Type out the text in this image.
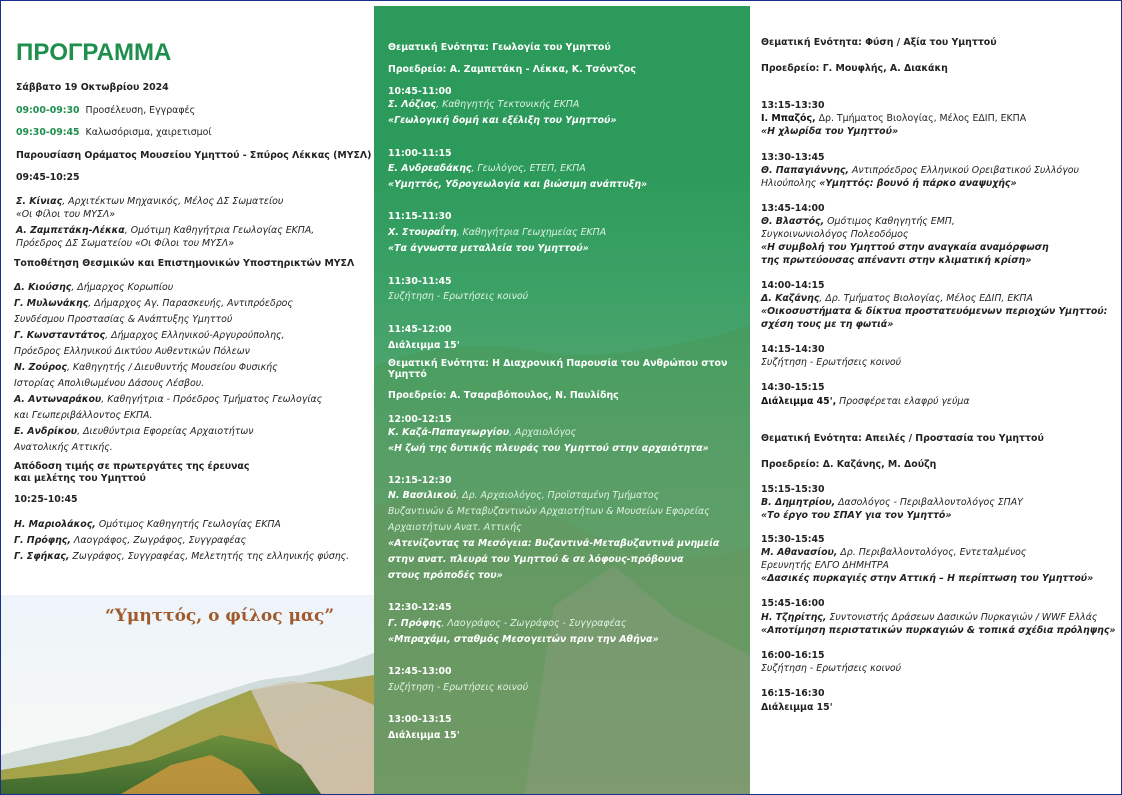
ΠΡΟΓΡΑΜΜΑ
Σάββατο 19 Οκτωβρίου 2024
09:00-09:30 Προσέλευση, Εγγραφές
09:30-09:45 Καλωσόρισμα, χαιρετισμοί
Παρουσίαση Οράματος Μουσείου Υμηττού - Σπύρος Λέκκας (ΜΥΣΛ)
09:45-10:25
Σ. Κίνιας, Αρχιτέκτων Μηχανικός, Μέλος ΔΣ Σωματείου
«Οι Φίλοι του ΜΥΣΛ»
Α. Ζαμπετάκη-Λέκκα, Ομότιμη Καθηγήτρια Γεωλογίας ΕΚΠΑ,
Πρόεδρος ΔΣ Σωματείου «Οι Φίλοι του ΜΥΣΛ»
Τοποθέτηση Θεσμικών και Επιστημονικών Υποστηρικτών ΜΥΣΛ
Δ. Κιούσης, Δήμαρχος Κορωπίου
Γ. Μυλωνάκης, Δήμαρχος Αγ. Παρασκευής, Αντιπρόεδρος
Συνδέσμου Προστασίας & Ανάπτυξης Υμηττού
Γ. Κωνσταντάτος, Δήμαρχος Ελληνικού-Αργυρούπολης,
Πρόεδρος Ελληνικού Δικτύου Αυθεντικών Πόλεων
Ν. Ζούρος, Καθηγητής / Διευθυντής Μουσείου Φυσικής
Ιστορίας Απολιθωμένου Δάσους Λέσβου.
Α. Αντωναράκου, Καθηγήτρια - Πρόεδρος Τμήματος Γεωλογίας
και Γεωπεριβάλλοντος ΕΚΠΑ.
Ε. Ανδρίκου, Διευθύντρια Εφορείας Αρχαιοτήτων
Ανατολικής Αττικής.
Απόδοση τιμής σε πρωτεργάτες της έρευνας
και μελέτης του Υμηττού
10:25-10:45
Η. Μαριολάκος, Ομότιμος Καθηγητής Γεωλογίας ΕΚΠΑ
Γ. Πρόφης, Λαογράφος, Ζωγράφος, Συγγραφέας
Γ. Σφήκας, Ζωγράφος, Συγγραφέας, Μελετητής της ελληνικής φύσης.
“Υμηττός, ο φίλος μας”
Θεματική Ενότητα: Γεωλογία του Υμηττού
Προεδρείο: Α. Ζαμπετάκη - Λέκκα, Κ. Τσόντζος
10:45-11:00
Σ. Λόζιος, Καθηγητής Τεκτονικής ΕΚΠΑ
«Γεωλογική δομή και εξέλιξη του Υμηττού»
11:00-11:15
Ε. Ανδρεαδάκης, Γεωλόγος, ΕΤΕΠ, ΕΚΠΑ
«Υμηττός, Υδρογεωλογία και βιώσιμη ανάπτυξη»
11:15-11:30
Χ. Στουραΐτη, Καθηγήτρια Γεωχημείας ΕΚΠΑ
«Τα άγνωστα μεταλλεία του Υμηττού»
11:30-11:45
Συζήτηση - Ερωτήσεις κοινού
11:45-12:00
Διάλειμμα 15'
Θεματική Ενότητα: Η Διαχρονική Παρουσία του Ανθρώπου στον
Υμηττό
Προεδρείο: Α. Τσαραβόπουλος, Ν. Παυλίδης
12:00-12:15
Κ. Καζά-Παπαγεωργίου, Αρχαιολόγος
«Η ζωή της δυτικής πλευράς του Υμηττού στην αρχαιότητα»
12:15-12:30
Ν. Βασιλικού, Δρ. Αρχαιολόγος, Προϊσταμένη Τμήματος
Βυζαντινών & Μεταβυζαντινών Αρχαιοτήτων & Μουσείων Εφορείας
Αρχαιοτήτων Ανατ. Αττικής
«Ατενίζοντας τα Μεσόγεια: Βυζαντινά-Μεταβυζαντινά μνημεία
στην ανατ. πλευρά του Υμηττού & σε λόφους-πρόβουνα
στους πρόποδές του»
12:30-12:45
Γ. Πρόφης, Λαογράφος - Ζωγράφος - Συγγραφέας
«Μπραχάμι, σταθμός Μεσογειτών πριν την Αθήνα»
12:45-13:00
Συζήτηση - Ερωτήσεις κοινού
13:00-13:15
Διάλειμμα 15'
Θεματική Ενότητα: Φύση / Αξία του Υμηττού
Προεδρείο: Γ. Μουφλής, Α. Διακάκη
13:15-13:30
Ι. Μπαζός, Δρ. Τμήματος Βιολογίας, Μέλος ΕΔΙΠ, ΕΚΠΑ
«Η χλωρίδα του Υμηττού»
13:30-13:45
Θ. Παπαγιάννης, Αντιπρόεδρος Ελληνικού Ορειβατικού Συλλόγου
Ηλιούπολης «Υμηττός: βουνό ή πάρκο αναψυχής»
13:45-14:00
Θ. Βλαστός, Ομότιμος Καθηγητής ΕΜΠ,
Συγκοινωνιολόγος Πολεοδόμος
«Η συμβολή του Υμηττού στην αναγκαία αναμόρφωση
της πρωτεύουσας απέναντι στην κλιματική κρίση»
14:00-14:15
Δ. Καζάνης, Δρ. Τμήματος Βιολογίας, Μέλος ΕΔΙΠ, ΕΚΠΑ
«Οικοσυστήματα & δίκτυα προστατευόμενων περιοχών Υμηττού:
σχέση τους με τη φωτιά»
14:15-14:30
Συζήτηση - Ερωτήσεις κοινού
14:30-15:15
Διάλειμμα 45', Προσφέρεται ελαφρύ γεύμα
Θεματική Ενότητα: Απειλές / Προστασία του Υμηττού
Προεδρείο: Δ. Καζάνης, Μ. Δούζη
15:15-15:30
Β. Δημητρίου, Δασολόγος - Περιβαλλοντολόγος ΣΠΑΥ
«Το έργο του ΣΠΑΥ για τον Υμηττό»
15:30-15:45
Μ. Αθανασίου, Δρ. Περιβαλλοντολόγος, Εντεταλμένος
Ερευνητής ΕΛΓΟ ΔΗΜΗΤΡΑ
«Δασικές πυρκαγιές στην Αττική – Η περίπτωση του Υμηττού»
15:45-16:00
Η. Τζηρίτης, Συντονιστής Δράσεων Δασικών Πυρκαγιών / WWF Ελλάς
«Αποτίμηση περιστατικών πυρκαγιών & τοπικά σχέδια πρόληψης»
16:00-16:15
Συζήτηση - Ερωτήσεις κοινού
16:15-16:30
Διάλειμμα 15'
